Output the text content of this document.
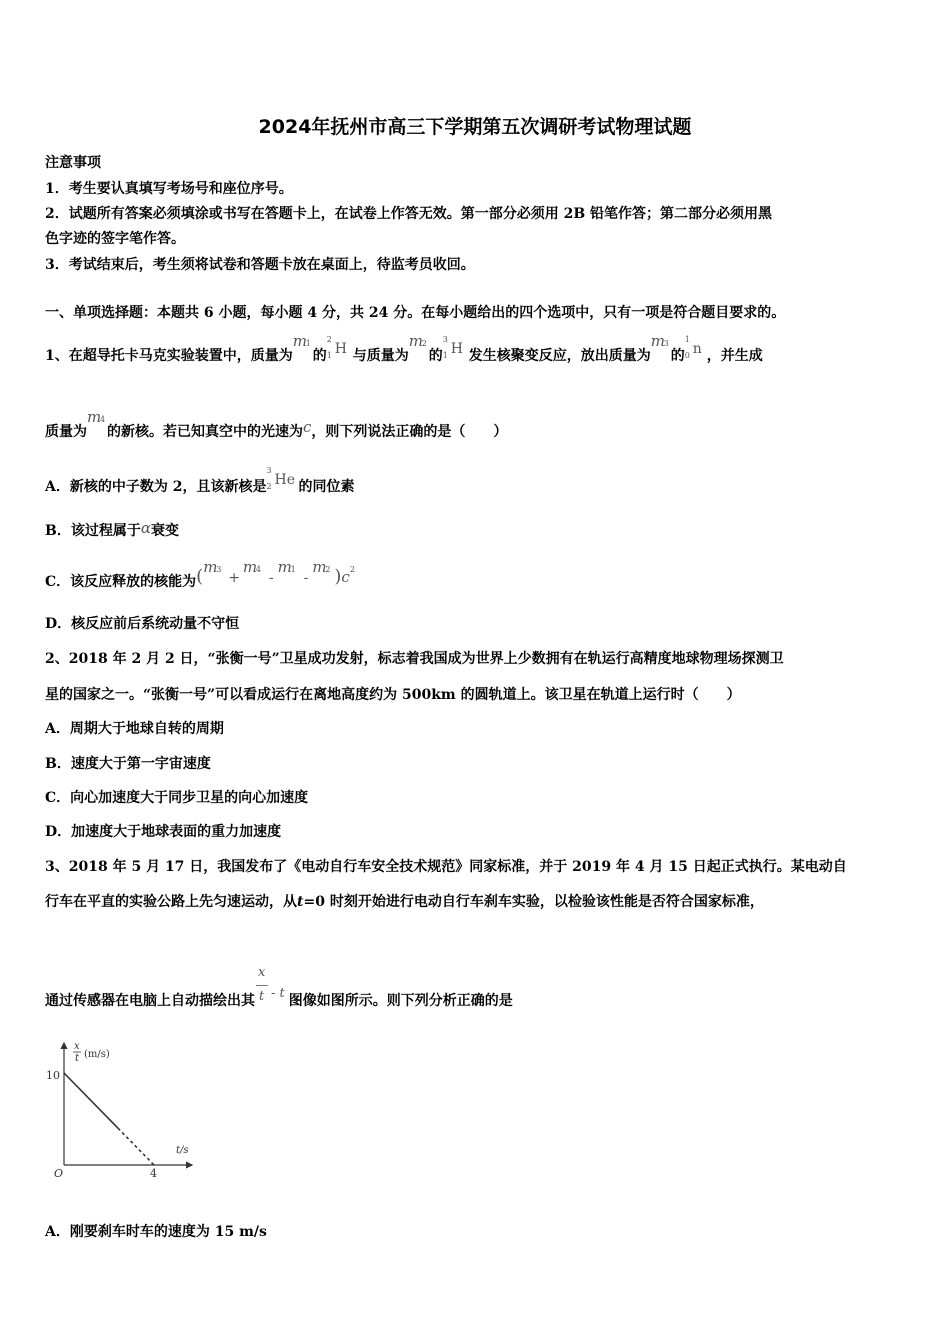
2024年抚州市高三下学期第五次调研考试物理试题
注意事项
1．考生要认真填写考场号和座位序号。
2．试题所有答案必须填涂或书写在答题卡上，在试卷上作答无效。第一部分必须用 2B 铅笔作答；第二部分必须用黑
色字迹的签字笔作答。
3．考试结束后，考生须将试卷和答题卡放在桌面上，待监考员收回。
一、单项选择题：本题共 6 小题，每小题 4 分，共 24 分。在每小题给出的四个选项中，只有一项是符合题目要求的。
1、在超导托卡马克实验装置中，质量为
m
1
的
2
1 H 与质量为
m
2
的
3
1 H 发生核聚变反应，放出质量为
m
3
的
1
0 n ，并生成
质量为
m
4
的新核。若已知真空中的光速为c，则下列说法正确的是（　　）
A．新核的中子数为 2，且该新核是
3
2 He 的同位素
B．该过程属于α衰变
C．该反应释放的核能为( m
3
+
m
4
-
m
1
-
m
2 )$c^2$
D．核反应前后系统动量不守恒
2、2018 年 2 月 2 日，“张衡一号”卫星成功发射，标志着我国成为世界上少数拥有在轨运行高精度地球物理场探测卫
星的国家之一。“张衡一号”可以看成运行在离地高度约为 500km 的圆轨道上。该卫星在轨道上运行时（　　）
A．周期大于地球自转的周期
B．速度大于第一宇宙速度
C．向心加速度大于同步卫星的向心加速度
D．加速度大于地球表面的重力加速度
3、2018 年 5 月 17 日，我国发布了《电动自行车安全技术规范》同家标准，并于 2019 年 4 月 15 日起正式执行。某电动自
行车在平直的实验公路上先匀速运动，从t=0 时刻开始进行电动自行车刹车实验，以检验该性能是否符合国家标准，
通过传感器在电脑上自动描绘出其 $\frac{x}{t}$ - t 图像如图所示。则下列分析正确的是
x
t (m/s)
10
t/s
O	4
A．刚要刹车时车的速度为 15 m/s
